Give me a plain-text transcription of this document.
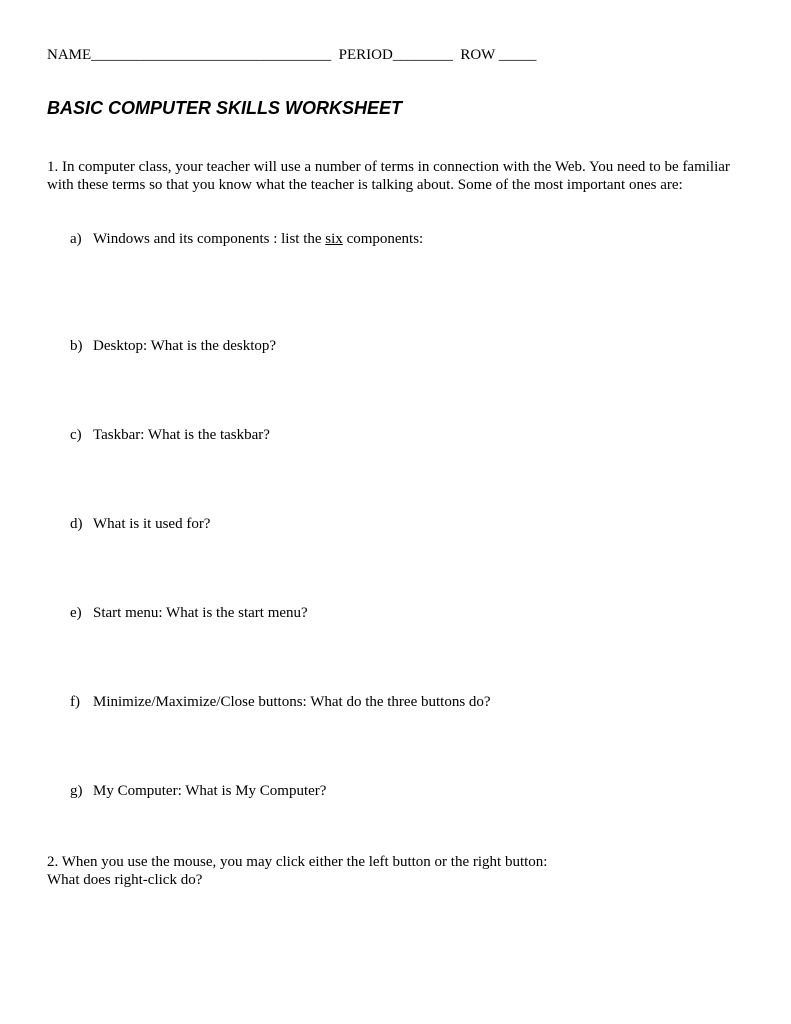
NAME________________________________ PERIOD________ ROW _____
BASIC COMPUTER SKILLS WORKSHEET

1. In computer class, your teacher will use a number of terms in connection with the Web. You need to be familiar with these terms so that you know what the teacher is talking about. Some of the most important ones are:

a) Windows and its components : list the six components:
b) Desktop: What is the desktop?
c) Taskbar: What is the taskbar?
d) What is it used for?
e) Start menu: What is the start menu?
f) Minimize/Maximize/Close buttons: What do the three buttons do?
g) My Computer: What is My Computer?
2. When you use the mouse, you may click either the left button or the right button:
What does right-click do?
